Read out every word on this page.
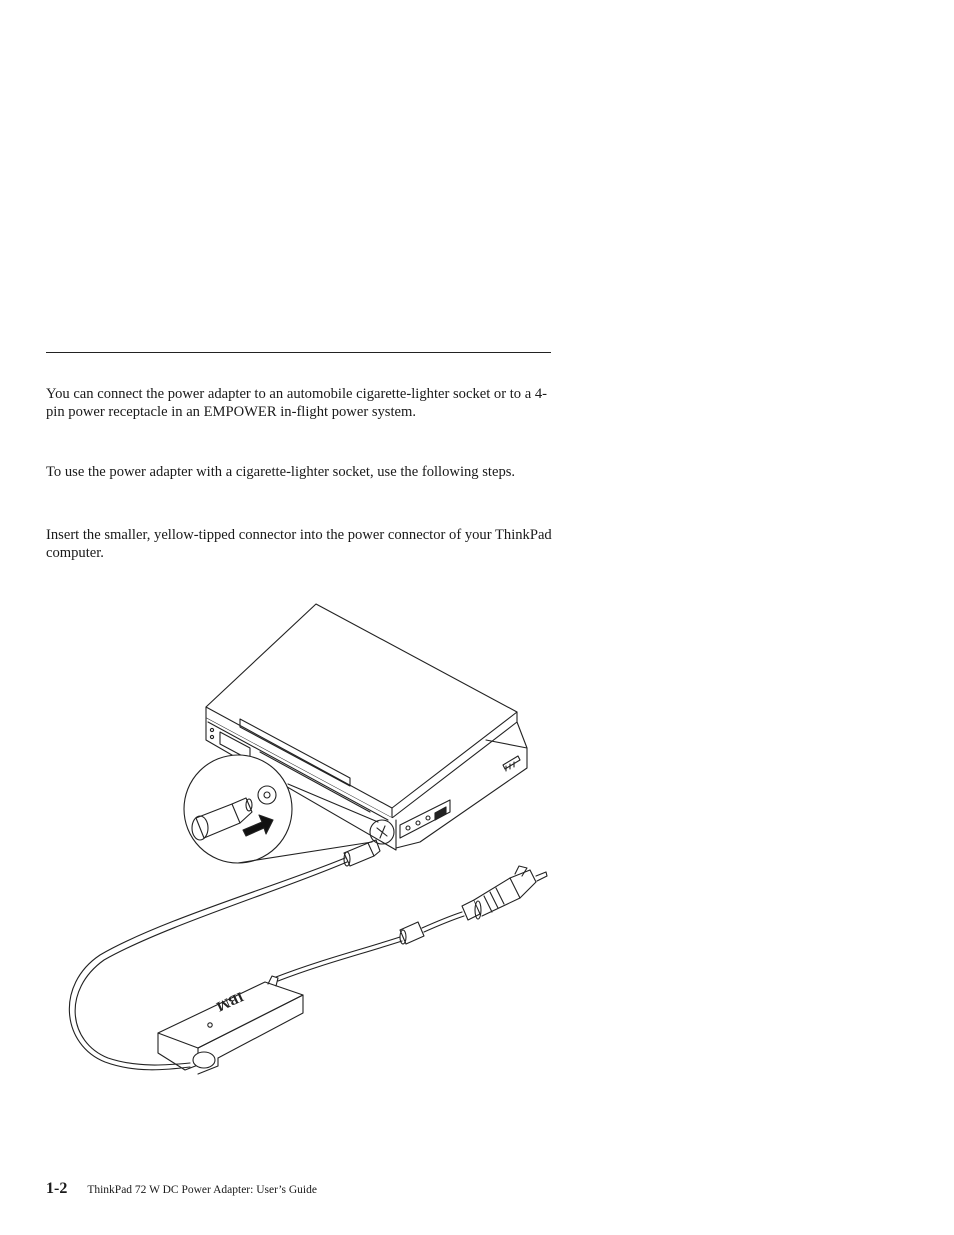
You can connect the power adapter to an automobile cigarette-lighter socket or to a 4-pin power receptacle in an EMPOWER in-flight power system.

To use the power adapter with a cigarette-lighter socket, use the following steps.

Insert the smaller, yellow-tipped connector into the power connector of your ThinkPad computer.

IBM
1-2 ThinkPad 72 W DC Power Adapter: User’s Guide
